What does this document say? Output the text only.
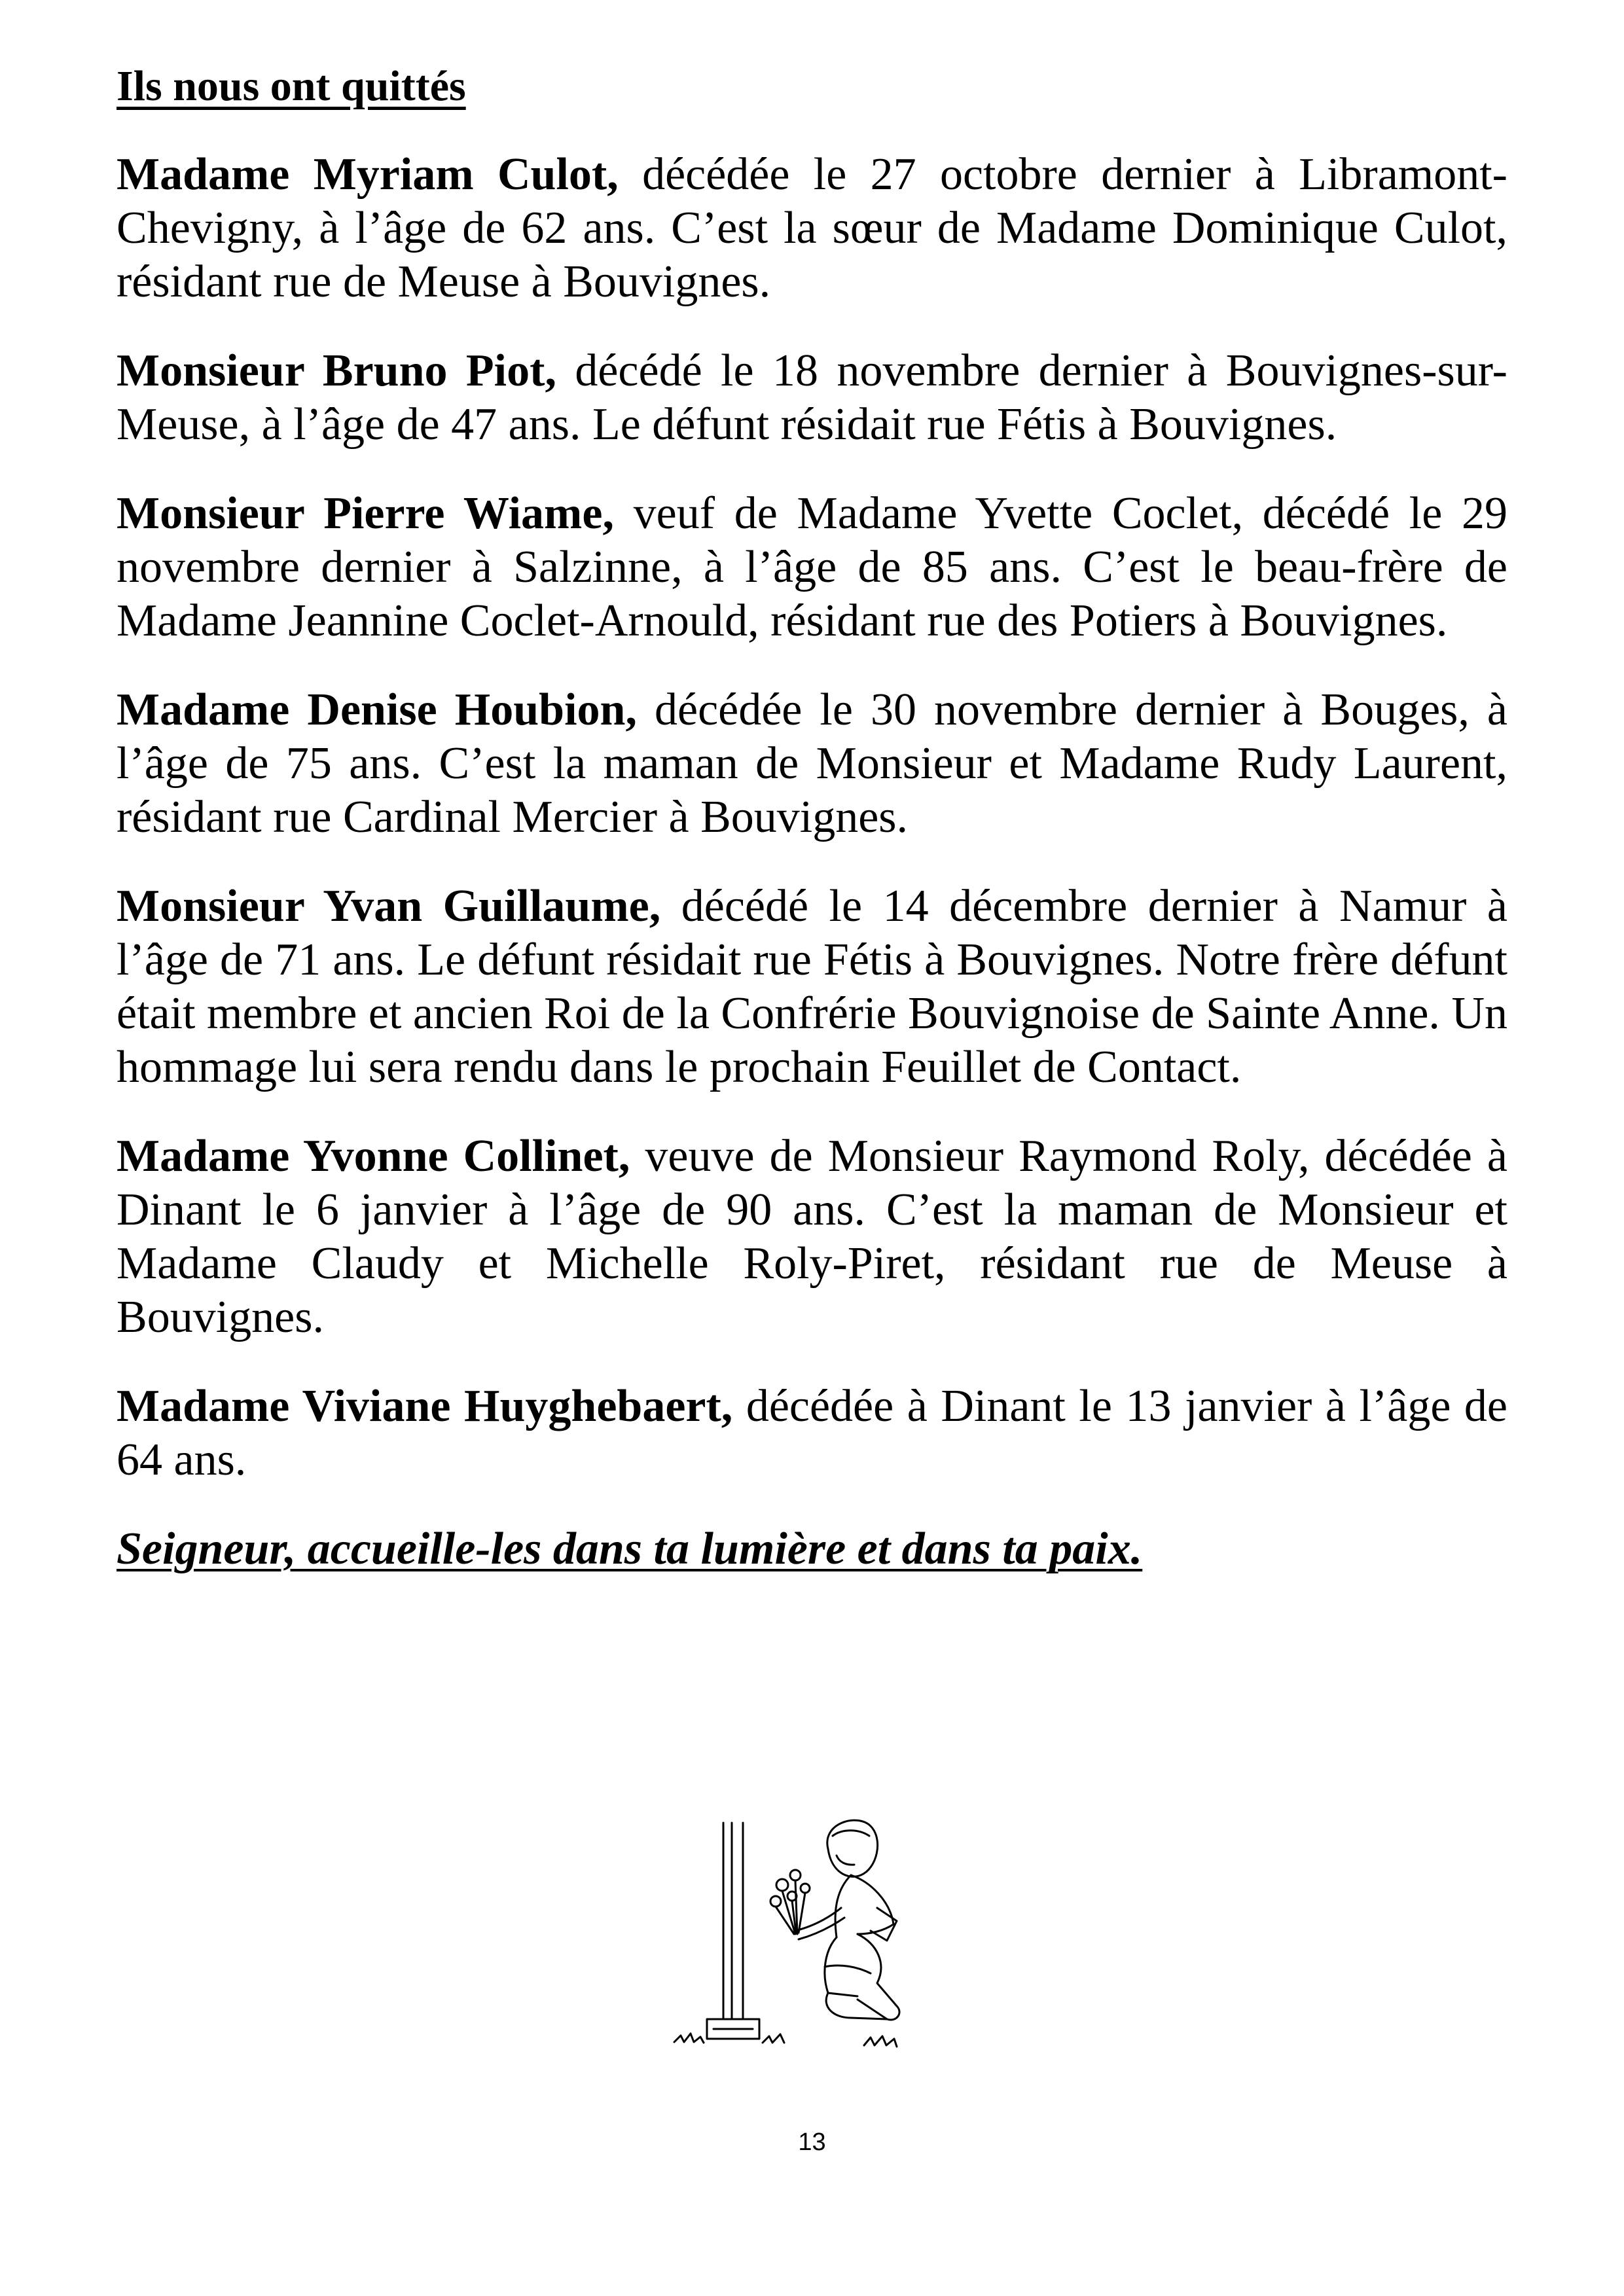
Ils nous ont quittés

Madame Myriam Culot, décédée le 27 octobre dernier à Libramont-Chevigny, à l’âge de 62 ans. C’est la sœur de Madame Dominique Culot, résidant rue de Meuse à Bouvignes.

Monsieur Bruno Piot, décédé le 18 novembre dernier à Bouvignes-sur-Meuse, à l’âge de 47 ans. Le défunt résidait rue Fétis à Bouvignes.

Monsieur Pierre Wiame, veuf de Madame Yvette Coclet, décédé le 29 novembre dernier à Salzinne, à l’âge de 85 ans. C’est le beau-frère de Madame Jeannine Coclet-Arnould, résidant rue des Potiers à Bouvignes.

Madame Denise Houbion, décédée le 30 novembre dernier à Bouges, à l’âge de 75 ans. C’est la maman de Monsieur et Madame Rudy Laurent, résidant rue Cardinal Mercier à Bouvignes.

Monsieur Yvan Guillaume, décédé le 14 décembre dernier à Namur à l’âge de 71 ans. Le défunt résidait rue Fétis à Bouvignes. Notre frère défunt était membre et ancien Roi de la Confrérie Bouvignoise de Sainte Anne. Un hommage lui sera rendu dans le prochain Feuillet de Contact.

Madame Yvonne Collinet, veuve de Monsieur Raymond Roly, décédée à Dinant le 6 janvier à l’âge de 90 ans. C’est la maman de Monsieur et Madame Claudy et Michelle Roly-Piret, résidant rue de Meuse à Bouvignes.

Madame Viviane Huyghebaert, décédée à Dinant le 13 janvier à l’âge de 64 ans.

Seigneur, accueille-les dans ta lumière et dans ta paix.

13
